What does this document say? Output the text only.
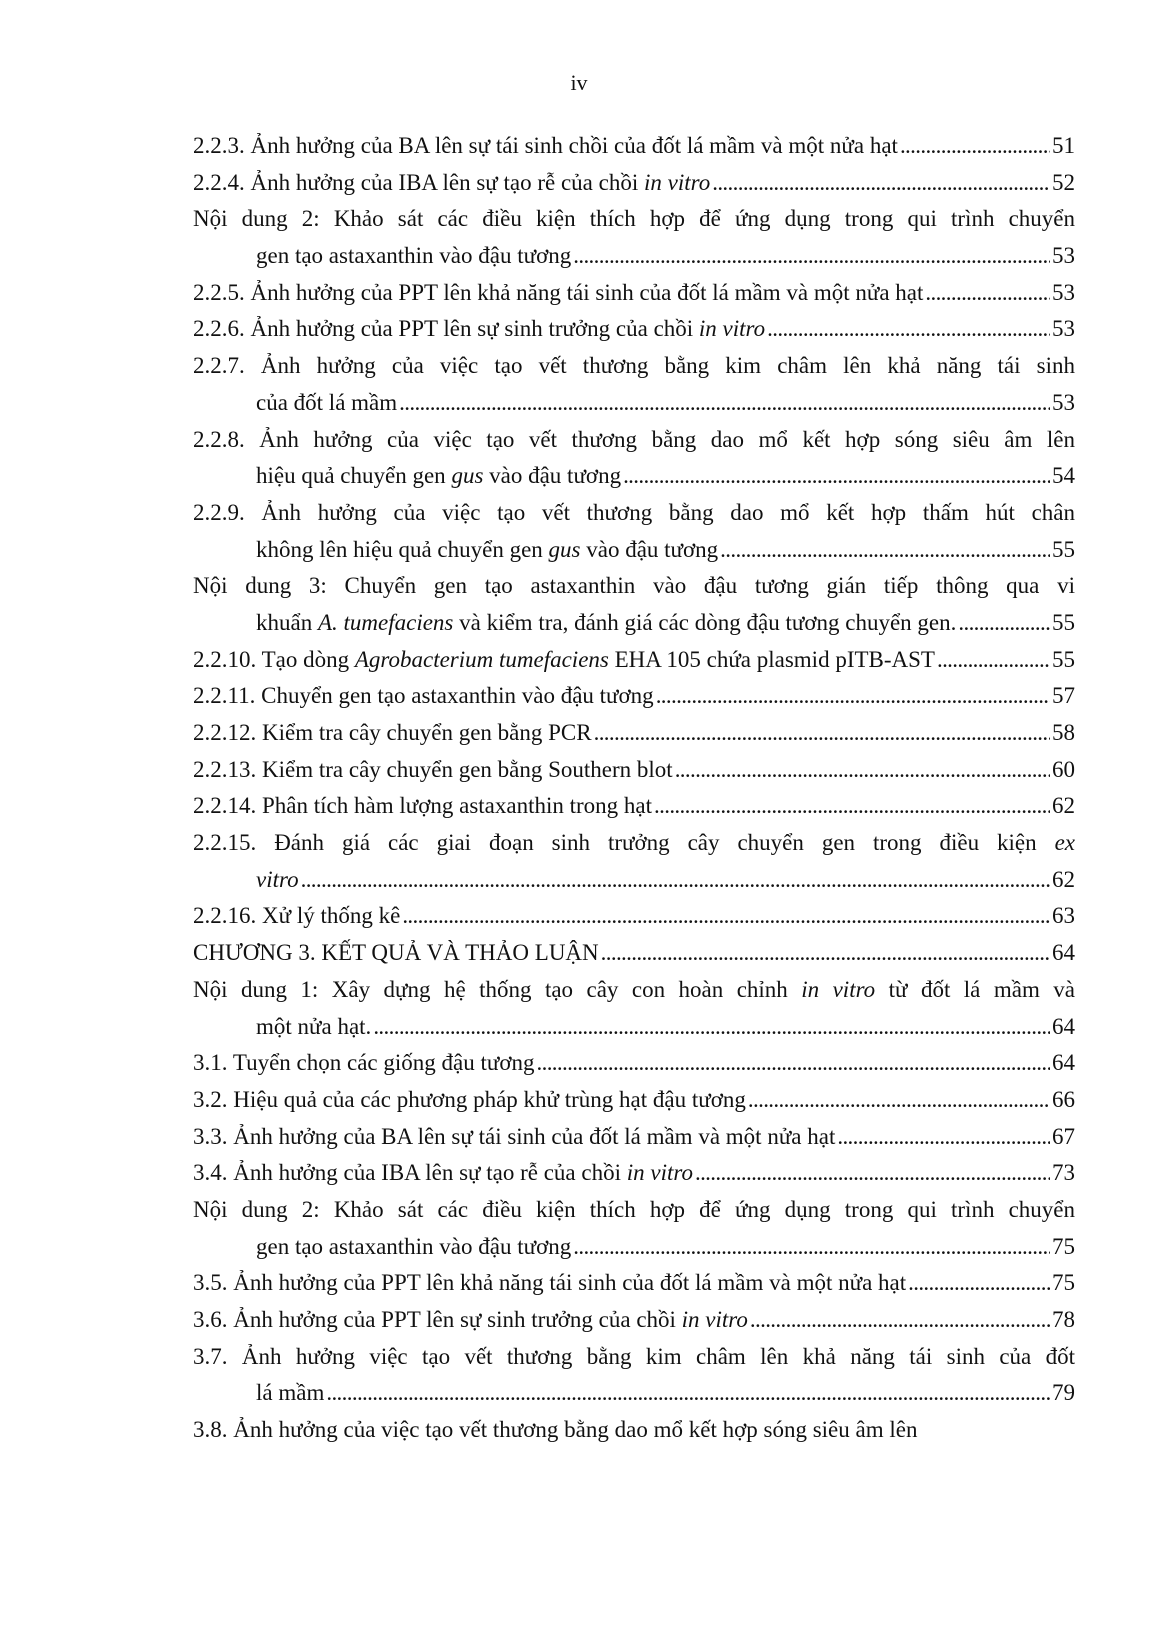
iv
2.2.3. Ảnh hưởng của BA lên sự tái sinh chồi của đốt lá mầm và một nửa hạt . . .	51
2.2.4. Ảnh hưởng của IBA lên sự tạo rễ của chồi in vitro . . .	52
Nội dung 2: Khảo sát các điều kiện thích hợp để ứng dụng trong qui trình chuyển
gen tạo astaxanthin vào đậu tương . . .	53
2.2.5. Ảnh hưởng của PPT lên khả năng tái sinh của đốt lá mầm và một nửa hạt . . .	53
2.2.6. Ảnh hưởng của PPT lên sự sinh trưởng của chồi in vitro . . .	53
2.2.7. Ảnh hưởng của việc tạo vết thương bằng kim châm lên khả năng tái sinh
của đốt lá mầm . . .	53
2.2.8. Ảnh hưởng của việc tạo vết thương bằng dao mổ kết hợp sóng siêu âm lên
hiệu quả chuyển gen gus vào đậu tương . . .	54
2.2.9. Ảnh hưởng của việc tạo vết thương bằng dao mổ kết hợp thấm hút chân
không lên hiệu quả chuyển gen gus vào đậu tương . . .	55
Nội dung 3: Chuyển gen tạo astaxanthin vào đậu tương gián tiếp thông qua vi
khuẩn A. tumefaciens và kiểm tra, đánh giá các dòng đậu tương chuyển gen. . . .	55
2.2.10. Tạo dòng Agrobacterium tumefaciens EHA 105 chứa plasmid pITB-AST . . .	55
2.2.11. Chuyển gen tạo astaxanthin vào đậu tương . . .	57
2.2.12. Kiểm tra cây chuyển gen bằng PCR . . .	58
2.2.13. Kiểm tra cây chuyển gen bằng Southern blot . . .	60
2.2.14. Phân tích hàm lượng astaxanthin trong hạt . . .	62
2.2.15. Đánh giá các giai đoạn sinh trưởng cây chuyển gen trong điều kiện ex
vitro . . .	62
2.2.16. Xử lý thống kê . . .	63
CHƯƠNG 3. KẾT QUẢ VÀ THẢO LUẬN . . .	64
Nội dung 1: Xây dựng hệ thống tạo cây con hoàn chỉnh in vitro từ đốt lá mầm và
một nửa hạt. . . .	64
3.1. Tuyển chọn các giống đậu tương . . .	64
3.2. Hiệu quả của các phương pháp khử trùng hạt đậu tương . . .	66
3.3. Ảnh hưởng của BA lên sự tái sinh của đốt lá mầm và một nửa hạt . . .	67
3.4. Ảnh hưởng của IBA lên sự tạo rễ của chồi in vitro . . .	73
Nội dung 2: Khảo sát các điều kiện thích hợp để ứng dụng trong qui trình chuyển
gen tạo astaxanthin vào đậu tương . . .	75
3.5. Ảnh hưởng của PPT lên khả năng tái sinh của đốt lá mầm và một nửa hạt . . .	75
3.6. Ảnh hưởng của PPT lên sự sinh trưởng của chồi in vitro . . .	78
3.7. Ảnh hưởng việc tạo vết thương bằng kim châm lên khả năng tái sinh của đốt
lá mầm . . .	79
3.8. Ảnh hưởng của việc tạo vết thương bằng dao mổ kết hợp sóng siêu âm lên
